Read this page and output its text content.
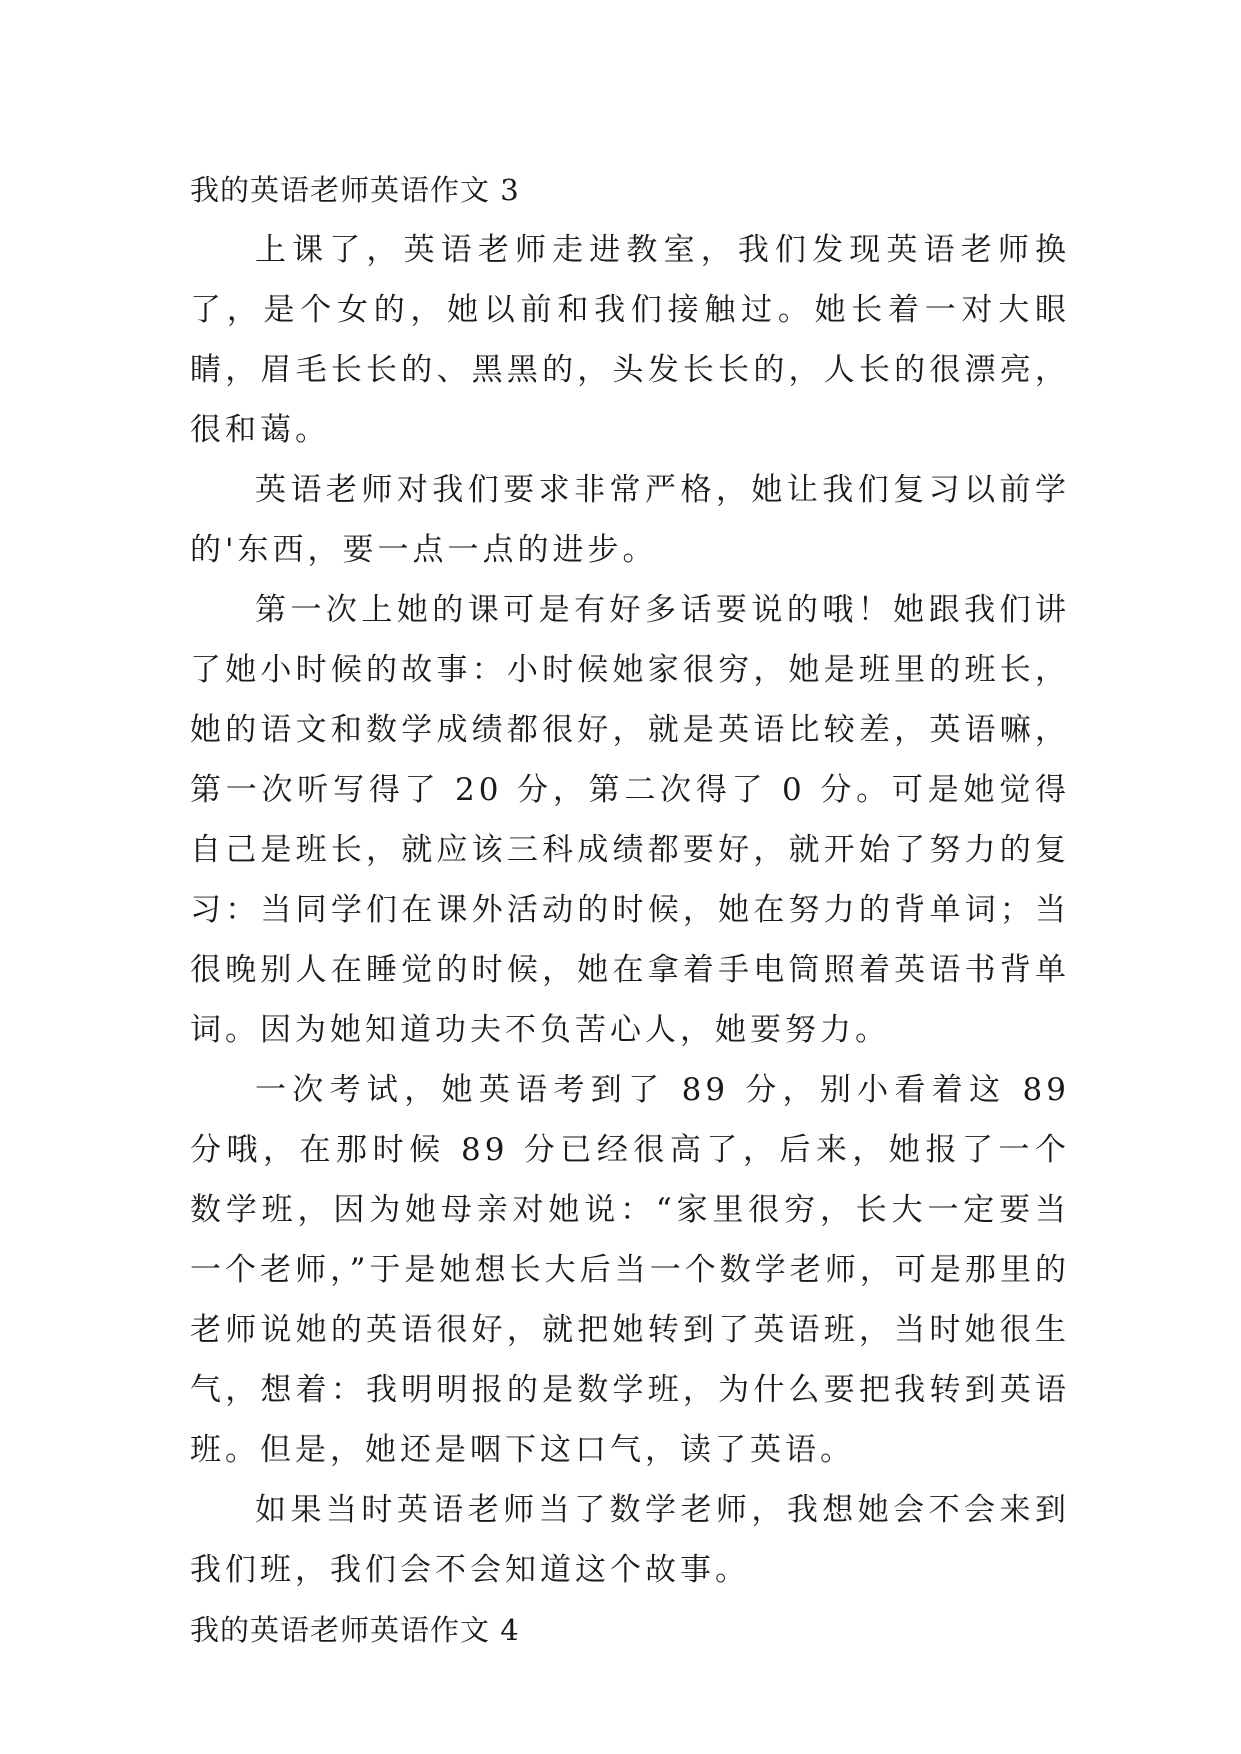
我的英语老师英语作文 3

上课了，英语老师走进教室，我们发现英语老师换了，是个女的，她以前和我们接触过。她长着一对大眼睛，眉毛长长的、黑黑的，头发长长的，人长的很漂亮，很和蔼。

英语老师对我们要求非常严格，她让我们复习以前学的'东西，要一点一点的进步。

第一次上她的课可是有好多话要说的哦！她跟我们讲了她小时候的故事：小时候她家很穷，她是班里的班长，她的语文和数学成绩都很好，就是英语比较差，英语嘛，第一次听写得了 20 分，第二次得了 0 分。可是她觉得自己是班长，就应该三科成绩都要好，就开始了努力的复习：当同学们在课外活动的时候，她在努力的背单词；当很晚别人在睡觉的时候，她在拿着手电筒照着英语书背单词。因为她知道功夫不负苦心人，她要努力。

一次考试，她英语考到了 89 分，别小看着这 89 分哦，在那时候 89 分已经很高了，后来，她报了一个数学班，因为她母亲对她说：“家里很穷，长大一定要当一个老师，”于是她想长大后当一个数学老师，可是那里的老师说她的英语很好，就把她转到了英语班，当时她很生气，想着：我明明报的是数学班，为什么要把我转到英语班。但是，她还是咽下这口气，读了英语。

如果当时英语老师当了数学老师，我想她会不会来到我们班，我们会不会知道这个故事。

我的英语老师英语作文 4
